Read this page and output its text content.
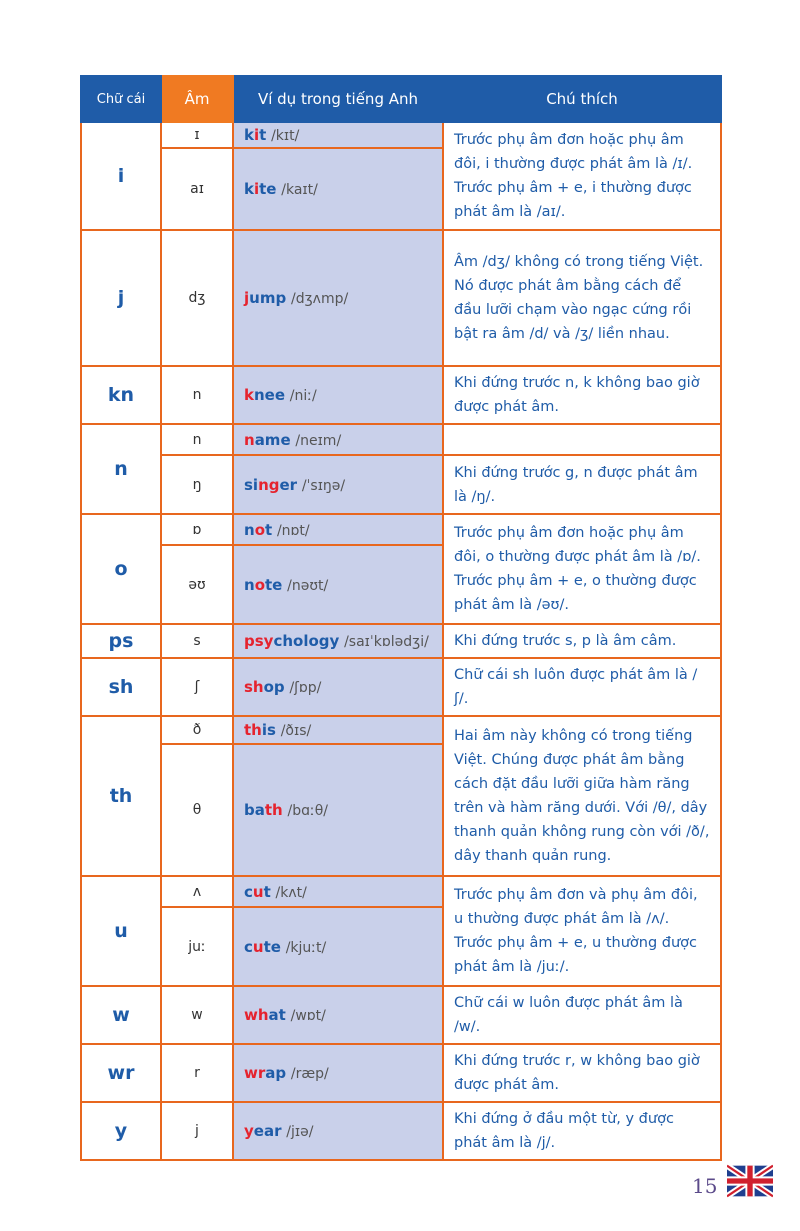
Chữ cái	Âm	Ví dụ trong tiếng Anh	Chú thích
i	ɪ	kit /kɪt/	Trước phụ âm đơn hoặc phụ âm đôi, i thường được phát âm là /ɪ/. Trước phụ âm + e, i thường được phát âm là /aɪ/.
	aɪ	kite /kaɪt/	
j	dʒ	jump /dʒʌmp/	Âm /dʒ/ không có trong tiếng Việt. Nó được phát âm bằng cách để đầu lưỡi chạm vào ngạc cứng rồi bật ra âm /d/ và /ʒ/ liền nhau.
kn	n	knee /niː/	Khi đứng trước n, k không bao giờ được phát âm.
n	n	name /neɪm/	
	ŋ	singer /ˈsɪŋə/	Khi đứng trước g, n được phát âm là /ŋ/.
o	ɒ	not /nɒt/	Trước phụ âm đơn hoặc phụ âm đôi, o thường được phát âm là /ɒ/. Trước phụ âm + e, o thường được phát âm là /əʊ/.
	əʊ	note /nəʊt/	
ps	s	psychology /saɪˈkɒlədʒi/	Khi đứng trước s, p là âm câm.
sh	ʃ	shop /ʃɒp/	Chữ cái sh luôn được phát âm là /ʃ/.
th	ð	this /ðɪs/	Hai âm này không có trong tiếng Việt. Chúng được phát âm bằng cách đặt đầu lưỡi giữa hàm răng trên và hàm răng dưới. Với /θ/, dây thanh quản không rung còn với /ð/, dây thanh quản rung.
	θ	bath /bɑːθ/	
u	ʌ	cut /kʌt/	Trước phụ âm đơn và phụ âm đôi, u thường được phát âm là /ʌ/. Trước phụ âm + e, u thường được phát âm là /juː/.
	juː	cute /kjuːt/	
w	w	what /wɒt/	Chữ cái w luôn được phát âm là /w/.
wr	r	wrap /ræp/	Khi đứng trước r, w không bao giờ được phát âm.
y	j	year /jɪə/	Khi đứng ở đầu một từ, y được phát âm là /j/.
15
